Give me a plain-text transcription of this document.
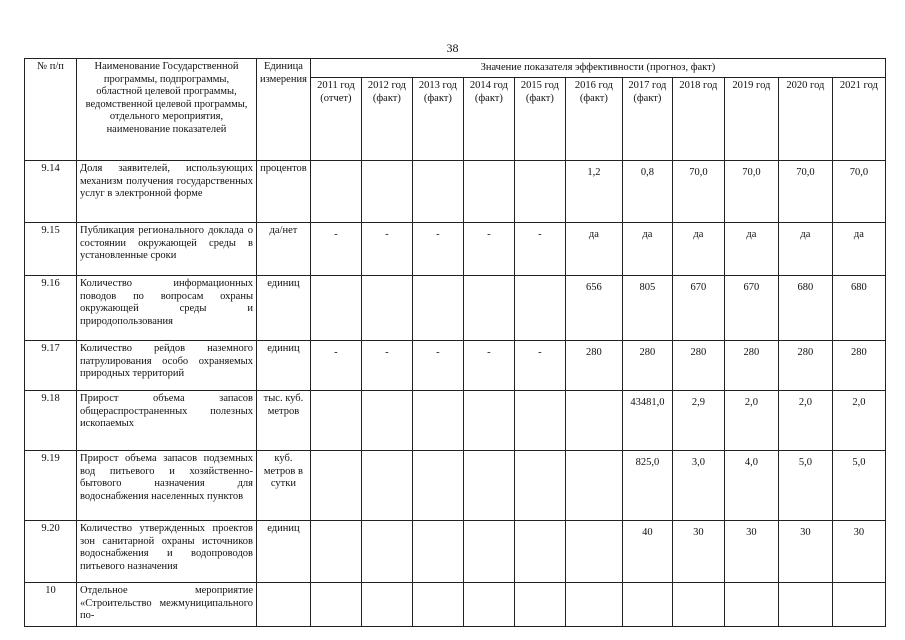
38
№ п/п	Наименование Государственной программы, подпрограммы, областной целевой программы, ведомственной целевой программы, отдельного мероприятия, наименование показателей	Единица измерения	Значение показателя эффективности (прогноз, факт)										
			2011 год (отчет)	2012 год (факт)	2013 год (факт)	2014 год (факт)	2015 год (факт)	2016 год (факт)	2017 год (факт)	2018 год	2019 год	2020 год	2021 год
9.14	Доля заявителей, использующих механизм получения государственных услуг в электронной форме	процентов						1,2	0,8	70,0	70,0	70,0	70,0
9.15	Публикация регионального доклада о состоянии окружающей среды в установленные сроки	да/нет	-	-	-	-	-	да	да	да	да	да	да
9.16	Количество информационных поводов по вопросам охраны окружающей среды и природопользования	единиц						656	805	670	670	680	680
9.17	Количество рейдов наземного патрулирования особо охраняемых природных территорий	единиц	-	-	-	-	-	280	280	280	280	280	280
9.18	Прирост объема запасов общераспространенных полезных ископаемых	тыс. куб. метров							43481,0	2,9	2,0	2,0	2,0
9.19	Прирост объема запасов подземных вод питьевого и хозяйственно-бытового назначения для водоснабжения населенных пунктов	куб. метров в сутки							825,0	3,0	4,0	5,0	5,0
9.20	Количество утвержденных проектов зон санитарной охраны источников водоснабжения и водопроводов питьевого назначения	единиц							40	30	30	30	30
10	Отдельное мероприятие «Строительство межмуниципального по-												
